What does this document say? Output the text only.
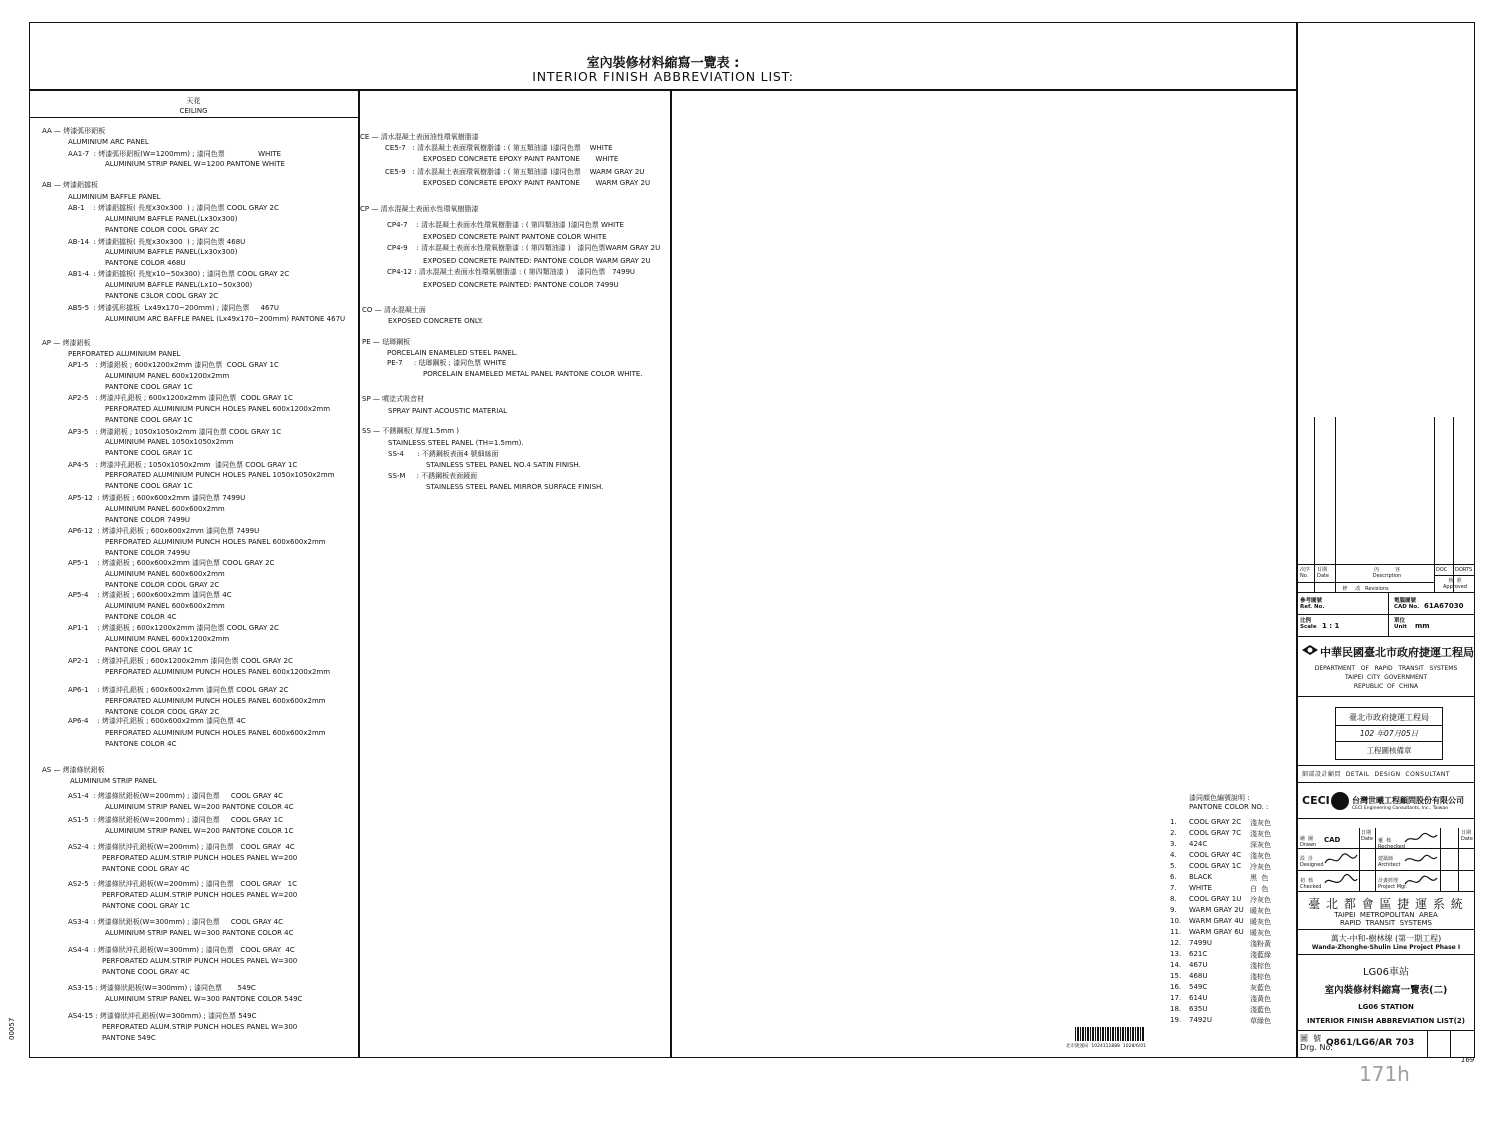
室內裝修材料縮寫一覽表 :
INTERIOR FINISH ABBREVIATION LIST:
天花
CEILING
AA — 烤漆弧形鋁板
ALUMINIUM ARC PANEL
AA1-7  : 烤漆弧形鋁板(W=1200mm) ; 漆同色票               WHITE
ALUMINIUM STRIP PANEL W=1200 PANTONE WHITE
AB — 烤漆鋁擋板
ALUMINIUM BAFFLE PANEL
AB-1    : 烤漆鋁擋板( 長度x30x300  ) ; 漆同色票 COOL GRAY 2C
ALUMINIUM BAFFLE PANEL(Lx30x300)
PANTONE COLOR COOL GRAY 2C
AB-14  : 烤漆鋁擋板( 長度x30x300  ) ; 漆同色票 468U
ALUMINIUM BAFFLE PANEL(Lx30x300)
PANTONE COLOR 468U
AB1-4  : 烤漆鋁擋板( 長度x10~50x300) ; 漆同色票 COOL GRAY 2C
ALUMINIUM BAFFLE PANEL(Lx10~50x300)
PANTONE C3LOR COOL GRAY 2C
AB5-5  : 烤漆弧形擋板  Lx49x170~200mm) ; 漆同色票     467U
ALUMINIUM ARC BAFFLE PANEL (Lx49x170~200mm) PANTONE 467U
AP — 烤漆鋁板
PERFORATED ALUMINIUM PANEL
AP1-5   : 烤漆鋁板 ; 600x1200x2mm 漆同色票  COOL GRAY 1C
ALUMINIUM PANEL 600x1200x2mm
PANTONE COOL GRAY 1C
AP2-5   : 烤漆沖孔鋁板 ; 600x1200x2mm 漆同色票  COOL GRAY 1C
PERFORATED ALUMINIUM PUNCH HOLES PANEL 600x1200x2mm
PANTONE COOL GRAY 1C
AP3-5   : 烤漆鋁板 ; 1050x1050x2mm 漆同色票 COOL GRAY 1C
ALUMINIUM PANEL 1050x1050x2mm
PANTONE COOL GRAY 1C
AP4-5   : 烤漆沖孔鋁板 ; 1050x1050x2mm  漆同色票 COOL GRAY 1C
PERFORATED ALUMINIUM PUNCH HOLES PANEL 1050x1050x2mm
PANTONE COOL GRAY 1C
AP5-12  : 烤漆鋁板 ; 600x600x2mm 漆同色票 7499U
ALUMINIUM PANEL 600x600x2mm
PANTONE COLOR 7499U
AP6-12  : 烤漆沖孔鋁板 ; 600x600x2mm 漆同色票 7499U
PERFORATED ALUMINIUM PUNCH HOLES PANEL 600x600x2mm
PANTONE COLOR 7499U
AP5-1    : 烤漆鋁板 ; 600x600x2mm 漆同色票 COOL GRAY 2C
ALUMINIUM PANEL 600x600x2mm
PANTONE COLOR COOL GRAY 2C
AP5-4    : 烤漆鋁板 ; 600x600x2mm 漆同色票 4C
ALUMINIUM PANEL 600x600x2mm
PANTONE COLOR 4C
AP1-1    : 烤漆鋁板 ; 600x1200x2mm 漆同色票 COOL GRAY 2C
ALUMINIUM PANEL 600x1200x2mm
PANTONE COOL GRAY 1C
AP2-1    : 烤漆沖孔鋁板 ; 600x1200x2mm 漆同色票 COOL GRAY 2C
PERFORATED ALUMINIUM PUNCH HOLES PANEL 600x1200x2mm
AP6-1    : 烤漆沖孔鋁板 ; 600x600x2mm 漆同色票 COOL GRAY 2C
PERFORATED ALUMINIUM PUNCH HOLES PANEL 600x600x2mm
PANTONE COLOR COOL GRAY 2C
AP6-4    : 烤漆沖孔鋁板 ; 600x600x2mm 漆同色票 4C
PERFORATED ALUMINIUM PUNCH HOLES PANEL 600x600x2mm
PANTONE COLOR 4C
AS — 烤漆條狀鋁板
ALUMINIUM STRIP PANEL
AS1-4  : 烤漆條狀鋁板(W=200mm) ; 漆同色票     COOL GRAY 4C
ALUMINIUM STRIP PANEL W=200 PANTONE COLOR 4C
AS1-5  : 烤漆條狀鋁板(W=200mm) ; 漆同色票     COOL GRAY 1C
ALUMINIUM STRIP PANEL W=200 PANTONE COLOR 1C
AS2-4  : 烤漆條狀沖孔鋁板(W=200mm) ; 漆同色票   COOL GRAY  4C
PERFORATED ALUM.STRIP PUNCH HOLES PANEL W=200
PANTONE COOL GRAY 4C
AS2-5  : 烤漆條狀沖孔鋁板(W=200mm) ; 漆同色票   COOL GRAY   1C
PERFORATED ALUM.STRIP PUNCH HOLES PANEL W=200
PANTONE COOL GRAY 1C
AS3-4  : 烤漆條狀鋁板(W=300mm) ; 漆同色票     COOL GRAY 4C
ALUMINIUM STRIP PANEL W=300 PANTONE COLOR 4C
AS4-4  : 烤漆條狀沖孔鋁板(W=300mm) ; 漆同色票   COOL GRAY  4C
PERFORATED ALUM.STRIP PUNCH HOLES PANEL W=300
PANTONE COOL GRAY 4C
AS3-15 : 烤漆條狀鋁板(W=300mm) ; 漆同色票       549C
ALUMINIUM STRIP PANEL W=300 PANTONE COLOR 549C
AS4-15 : 烤漆條狀沖孔鋁板(W=300mm) ; 漆同色票 549C
PERFORATED ALUM.STRIP PUNCH HOLES PANEL W=300
PANTONE 549C
CE — 清水混凝土表面油性環氧樹脂漆
CE5-7   : 清水混凝土表面環氧樹脂漆 : ( 第五類油漆 )漆同色票    WHITE
EXPOSED CONCRETE EPOXY PAINT PANTONE       WHITE
CE5-9   : 清水混凝土表面環氧樹脂漆 : ( 第五類油漆 )漆同色票    WARM GRAY 2U
EXPOSED CONCRETE EPOXY PAINT PANTONE       WARM GRAY 2U
CP — 清水混凝土表面水性環氧樹脂漆
CP4-7    : 清水混凝土表面水性環氧樹脂漆 : ( 第四類油漆 )漆同色票 WHITE
EXPOSED CONCRETE PAINT PANTONE COLOR WHITE
CP4-9    : 清水混凝土表面水性環氧樹脂漆 : ( 第四類油漆 )   漆同色票WARM GRAY 2U
EXPOSED CONCRETE PAINTED: PANTONE COLOR WARM GRAY 2U
CP4-12 : 清水混凝土表面水性環氧樹脂漆 : ( 第四類油漆 )    漆同色票   7499U
EXPOSED CONCRETE PAINTED: PANTONE COLOR 7499U
CO — 清水混凝土面
EXPOSED CONCRETE ONLY.
PE — 琺瑯鋼板
PORCELAIN ENAMELED STEEL PANEL.
PE-7     : 琺瑯鋼板 ; 漆同色票 WHITE
PORCELAIN ENAMELED METAL PANEL PANTONE COLOR WHITE.
SP — 噴塗式吸音材
SPRAY PAINT ACOUSTIC MATERIAL
SS — 不銹鋼板( 厚度1.5mm )
STAINLESS STEEL PANEL (TH=1.5mm).
SS-4      : 不銹鋼板表面4 號細絲面
STAINLESS STEEL PANEL NO.4 SATIN FINISH.
SS-M     : 不銹鋼板表面鏡面
STAINLESS STEEL PANEL MIRROR SURFACE FINISH.
漆同顏色編號說明 :
PANTONE COLOR NO. :
1. COOL GRAY 2C 淺灰色
2. COOL GRAY 7C 淺灰色
3. 424C	深灰色
4. COOL GRAY 4C 淺灰色
5. COOL GRAY 1C 冷灰色
6. BLACK	黑  色
7. WHITE	白  色
8. COOL GRAY 1U 冷灰色
9. WARM GRAY 2U 暖灰色
10. WARM GRAY 4U 暖灰色
11. WARM GRAY 6U 暖灰色
12. 7499U	淺粉黃
13. 621C	淺藍綠
14. 467U	淺棕色
15. 468U	淺棕色
16. 549C	灰藍色
17. 614U	淺黃色
18. 635U	淺藍色
19. 7492U	草綠色
北市捷運局  1024111888  1028/6/01
次序
No.
日期
Date
內          容
Description
DOC DORTS
核  准
Approved
修     改   Revisions
參考圖號
Ref. No.
電腦圖號
CAD No. 61A67030
比例
Scale 1 : 1
單位
Unit mm
中華民國臺北市政府捷運工程局
DEPARTMENT   OF   RAPID   TRANSIT   SYSTEMS
TAIPEI  CITY  GOVERNMENT
REPUBLIC  OF  CHINA
臺北市政府捷運工程局
102 年07月05日
工程圖核備章
細部設計顧問  DETAIL  DESIGN  CONSULTANT
CECI	台灣世曦工程顧問股份有限公司
CECI Engineering Consultants, Inc., Taiwan
繪  圖
Drawn
CAD
日期
Date 覆  核
Rechecked
日期
Date
設  計
Designed
建築師
Architect
初  核
Checked
計畫經理
Project Mgr.
臺 北 都 會 區 捷 運 系 統
TAIPEI  METROPOLITAN  AREA
RAPID  TRANSIT  SYSTEMS
萬大-中和-樹林線 (第一期工程)
Wanda-Zhonghe-Shulin Line Project Phase I
LG06車站
室內裝修材料縮寫一覽表(二)
LG06 STATION
INTERIOR FINISH ABBREVIATION LIST(2)
圖  號
Drg. No.
Q861/LG6/AR 703
171h
169
00057
